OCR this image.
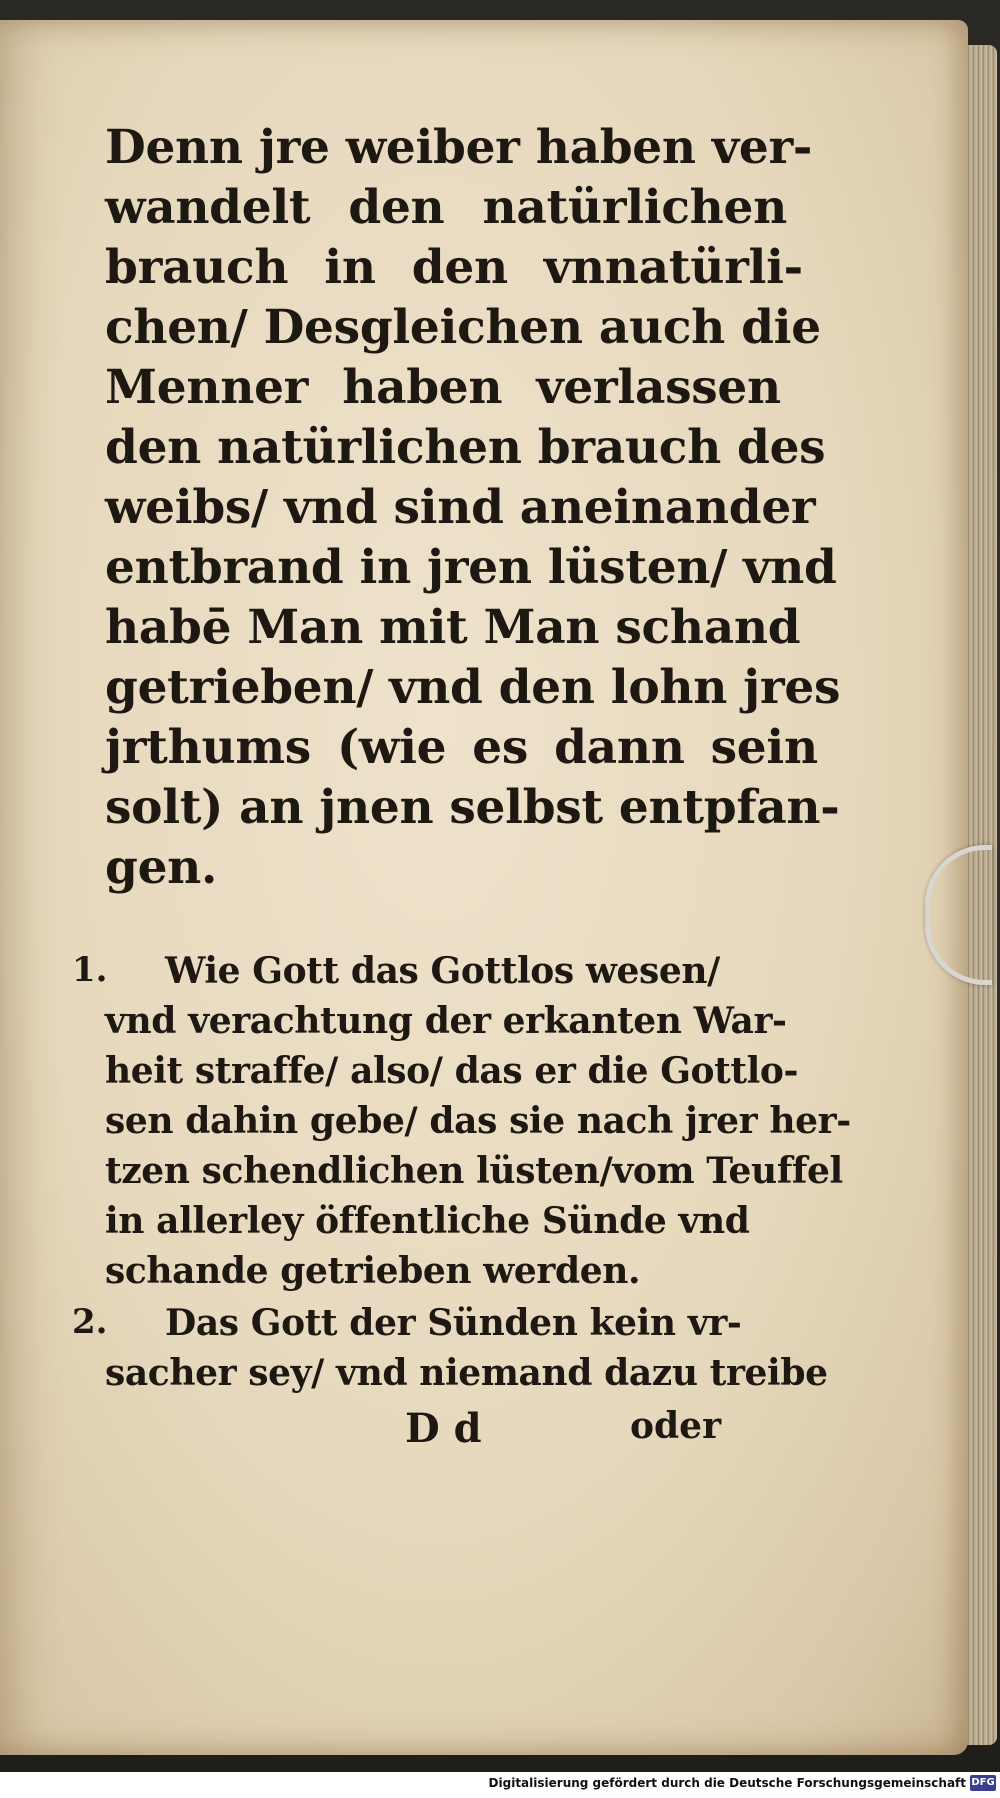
Denn jre weiber haben ver-
wandelt den natürlichen
brauch in den vnnatürli-
chen/ Desgleichen auch die
Menner haben verlassen
den natürlichen brauch des
weibs/ vnd sind aneinander
entbrand in jren lüsten/ vnd
habē Man mit Man schand
getrieben/ vnd den lohn jres
jrthums (wie es dann sein
solt) an jnen selbst entpfan-
gen.
Wie Gott das Gottlos wesen/
vnd verachtung der erkanten War-
heit straffe/ also/ das er die Gottlo-
sen dahin gebe/ das sie nach jrer her-
tzen schendlichen lüsten/vom Teuffel
in allerley öffentliche Sünde vnd
schande getrieben werden.
Das Gott der Sünden kein vr-
sacher sey/ vnd niemand dazu treibe
D d	oder
1.
2.
Digitalisierung gefördert durch die Deutsche Forschungsgemeinschaft DFG
